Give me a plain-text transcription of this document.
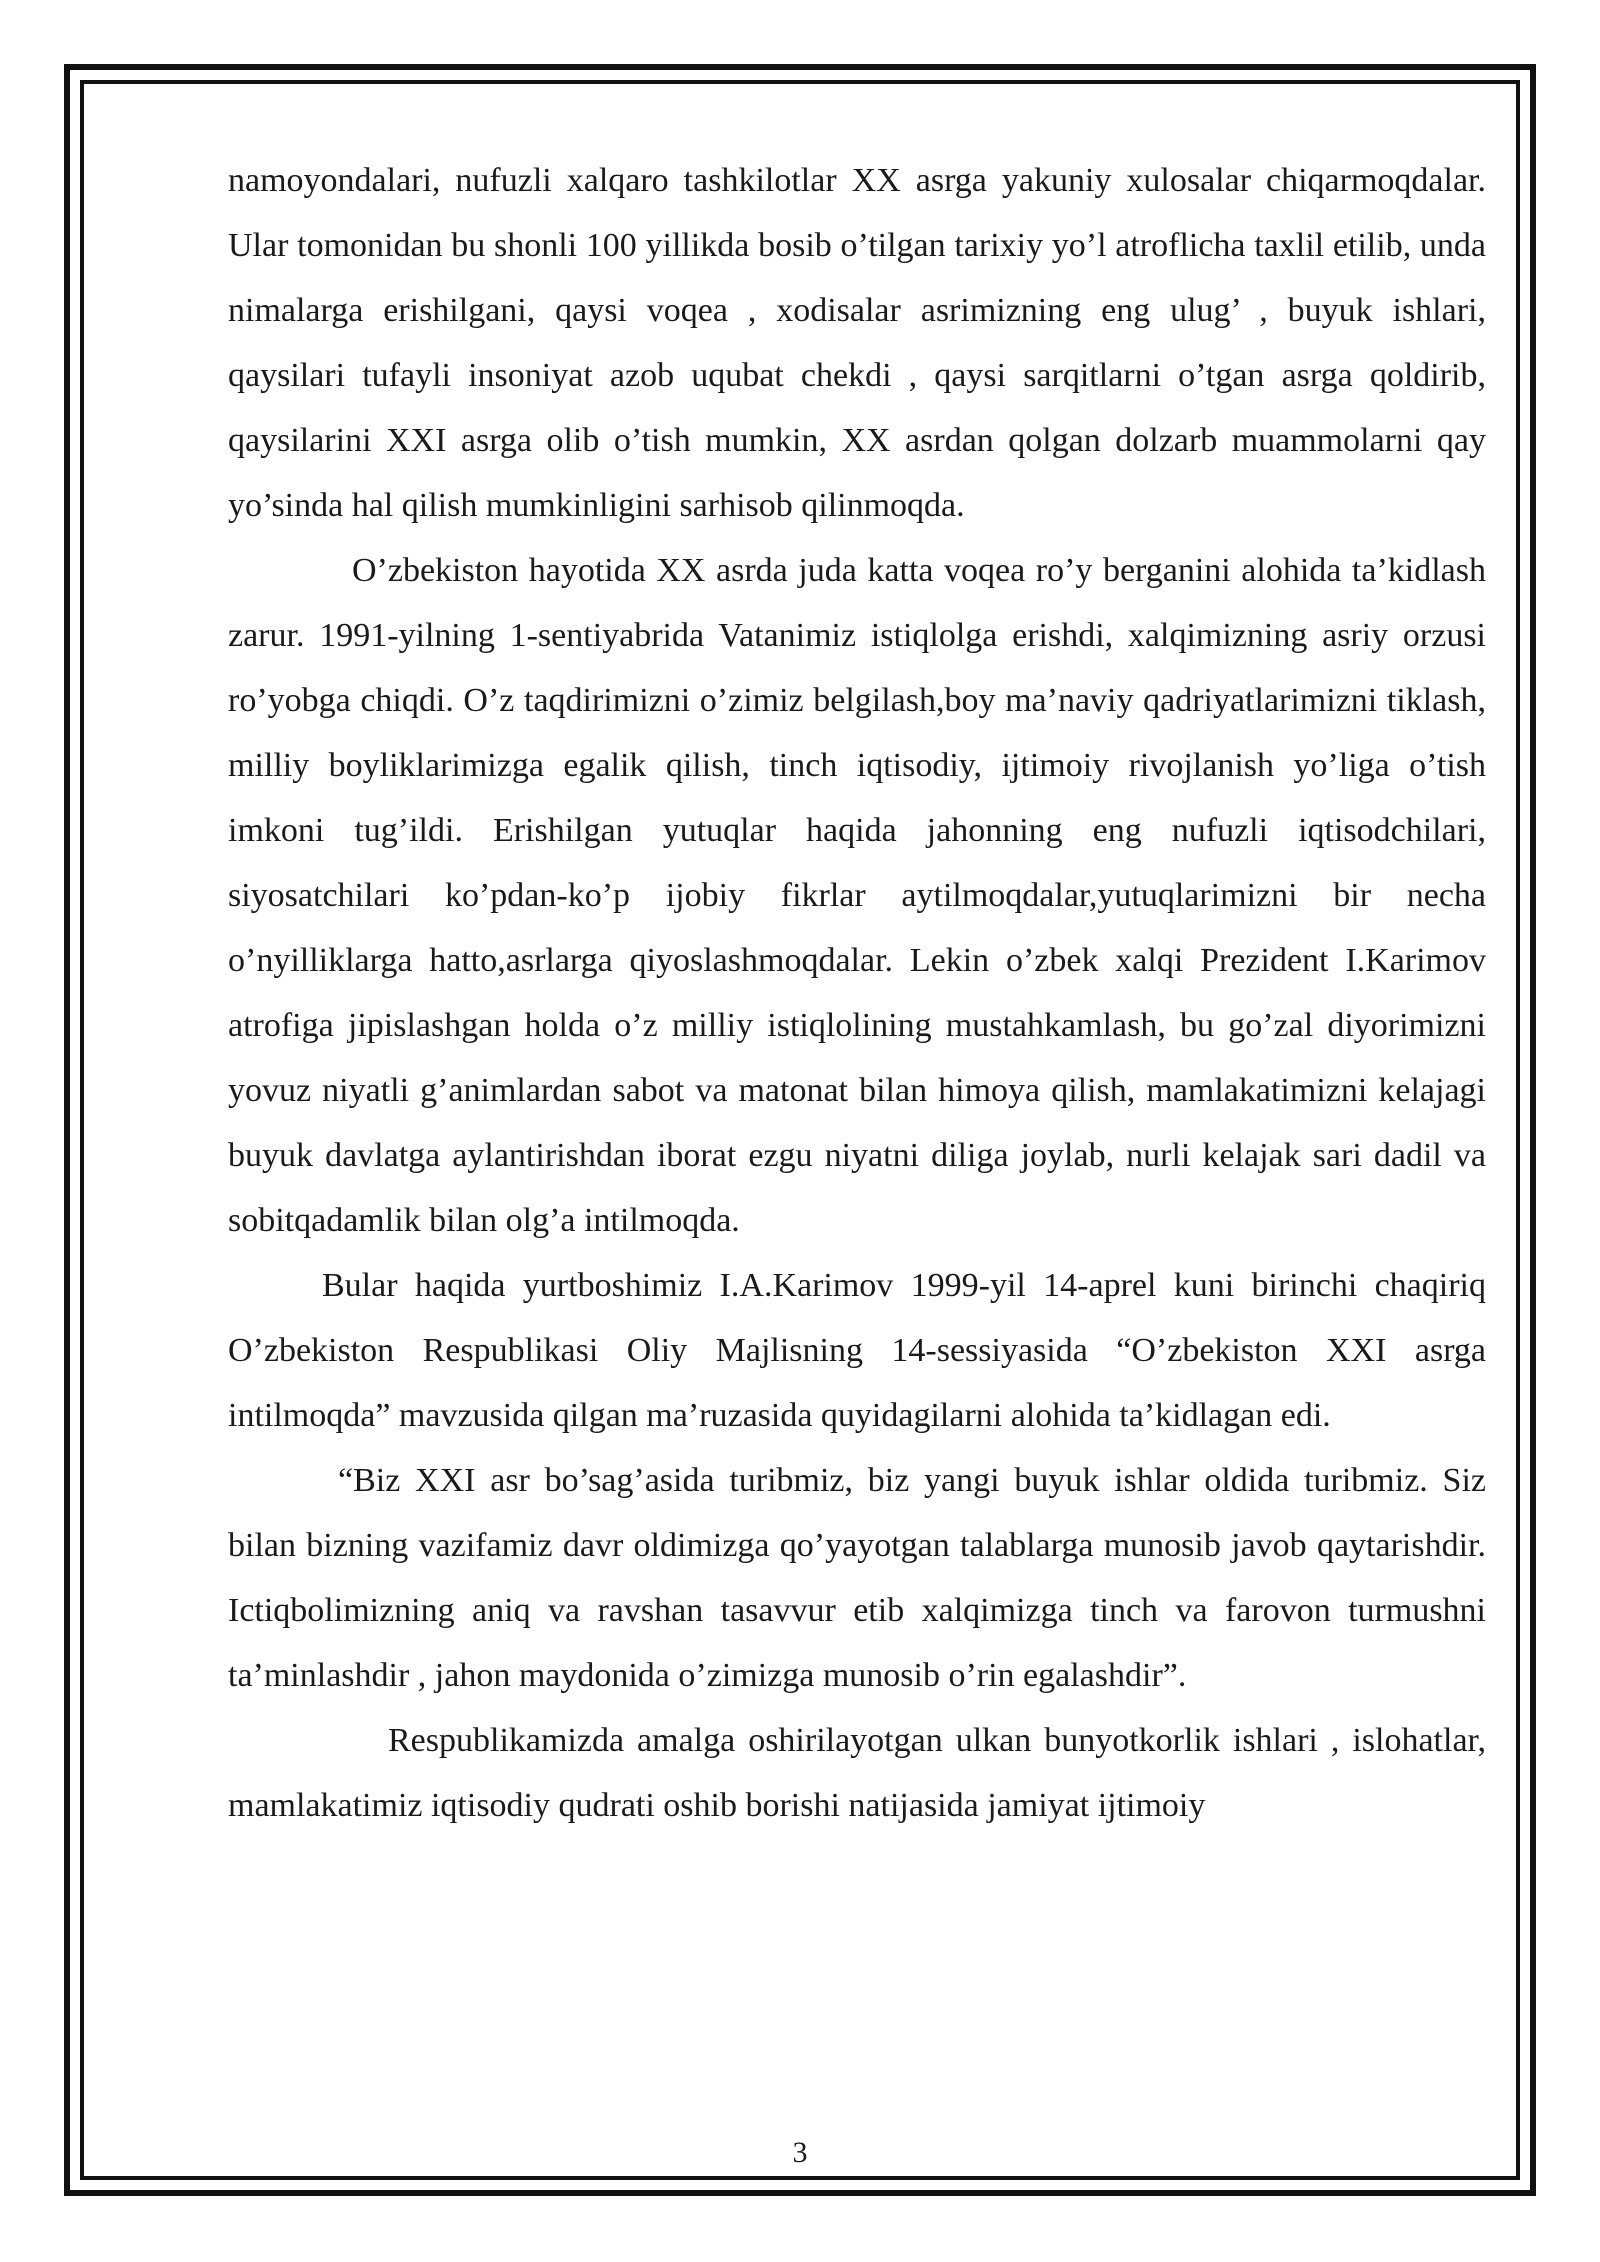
namoyondalari, nufuzli xalqaro tashkilotlar XX asrga yakuniy xulosalar chiqarmoqdalar. Ular tomonidan bu shonli 100 yillikda bosib o’tilgan tarixiy yo’l atroflicha taxlil etilib, unda nimalarga erishilgani, qaysi voqea , xodisalar asrimizning eng ulug’ , buyuk ishlari, qaysilari tufayli insoniyat azob uqubat chekdi , qaysi sarqitlarni o’tgan asrga qoldirib, qaysilarini XXI asrga olib o’tish mumkin, XX asrdan qolgan dolzarb muammolarni qay yo’sinda hal qilish mumkinligini sarhisob qilinmoqda.

O’zbekiston hayotida XX asrda juda katta voqea ro’y berganini alohida ta’kidlash zarur. 1991-yilning 1-sentiyabrida Vatanimiz istiqlolga erishdi, xalqimizning asriy orzusi ro’yobga chiqdi. O’z taqdirimizni o’zimiz belgilash,boy ma’naviy qadriyatlarimizni tiklash, milliy boyliklarimizga egalik qilish, tinch iqtisodiy, ijtimoiy rivojlanish yo’liga o’tish imkoni tug’ildi. Erishilgan yutuqlar haqida jahonning eng nufuzli iqtisodchilari, siyosatchilari ko’pdan-ko’p ijobiy fikrlar aytilmoqdalar,yutuqlarimizni bir necha o’nyilliklarga hatto,asrlarga qiyoslashmoqdalar. Lekin o’zbek xalqi Prezident I.Karimov atrofiga jipislashgan holda o’z milliy istiqlolining mustahkamlash, bu go’zal diyorimizni yovuz niyatli g’animlardan sabot va matonat bilan himoya qilish, mamlakatimizni kelajagi buyuk davlatga aylantirishdan iborat ezgu niyatni diliga joylab, nurli kelajak sari dadil va sobitqadamlik bilan olg’a intilmoqda.

Bular haqida yurtboshimiz I.A.Karimov 1999-yil 14-aprel kuni birinchi chaqiriq O’zbekiston Respublikasi Oliy Majlisning 14-sessiyasida “O’zbekiston XXI asrga intilmoqda” mavzusida qilgan ma’ruzasida quyidagilarni alohida ta’kidlagan edi.

“Biz XXI asr bo’sag’asida turibmiz, biz yangi buyuk ishlar oldida turibmiz. Siz bilan bizning vazifamiz davr oldimizga qo’yayotgan talablarga munosib javob qaytarishdir. Ictiqbolimizning aniq va ravshan tasavvur etib xalqimizga tinch va farovon turmushni ta’minlashdir , jahon maydonida o’zimizga munosib o’rin egalashdir”.

Respublikamizda amalga oshirilayotgan ulkan bunyotkorlik ishlari , islohatlar, mamlakatimiz iqtisodiy qudrati oshib borishi natijasida jamiyat ijtimoiy

3
